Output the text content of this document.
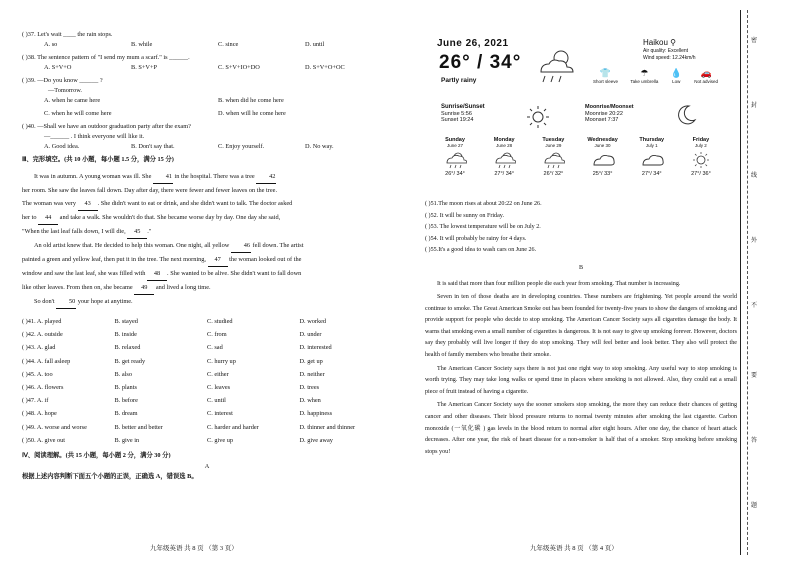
( )37. Let's wait ____ the rain stops.
A. so	B. while	C. since	D. until
( )38. The sentence pattern of "I send my mum a scarf." is ______.
A. S+V+O	B. S+V+P	C. S+V+IO+DO	D. S+V+O+OC
( )39. —Do you know ______ ?
—Tomorrow.
A. when he came here	B. when did he come here
C. when he will come here	D. when will he come here
( )40. —Shall we have an outdoor graduation party after the exam?
—______ . I think everyone will like it.
A. Good idea.	B. Don't say that.	C. Enjoy yourself.	D. No way.
Ⅲ、完形填空。(共 10 小题，每小题 1.5 分，满分 15 分)

It was in autumn. A young woman was ill. She 41 in the hospital. There was a tree 42

her room. She saw the leaves fall down. Day after day, there were fewer and fewer leaves on the tree.

The woman was very 43 . She didn't want to eat or drink, and she didn't want to talk. The doctor asked

her to 44 and take a walk. She wouldn't do that. She became worse day by day. One day she said,

"When the last leaf falls down, I will die, 45 ."

An old artist knew that. He decided to help this woman. One night, all yellow 46 fell down. The artist

painted a green and yellow leaf, then put it in the tree. The next morning, 47 the woman looked out of the

window and saw the last leaf, she was filled with 48 . She wanted to be alive. She didn't want to fall down

like other leaves. From then on, she became 49 and lived a long time.

So don't 50 your hope at anytime.

( )41. A. played	B. stayed	C. studied	D. worked
( )42. A. outside	B. inside	C. from	D. under
( )43. A. glad	B. relaxed	C. sad	D. interested
( )44. A. fall asleep	B. get ready	C. hurry up	D. get up
( )45. A. too	B. also	C. either	D. neither
( )46. A. flowers	B. plants	C. leaves	D. trees
( )47. A. if	B. before	C. until	D. when
( )48. A. hope	B. dream	C. interest	D. happiness
( )49. A. worse and worse	B. better and better	C. harder and harder	D. thinner and thinner
( )50. A. give out	B. give in	C. give up	D. give away
Ⅳ、阅读理解。(共 15 小题，每小题 2 分，满分 30 分)
A
根据上述内容判断下面五个小题的正误，正确选 A，错误选 B。
九年级英语 共 8 页 （第 3 页）
June 26, 2021	Haikou ⚲
26° / 34°
Partly rainy
Air quality: Excellent
Wind speed: 12.24km/h
👕
Short sleeve
☂
Take umbrella
💧
Low
🚗
Not advised
Sunrise/Sunset
Sunrise 5:56
Sunset 19:24
Moonrise/Moonset
Moonrise 20:22
Moonset 7:37
Sunday
June 27
26°/ 34°
Monday
June 28
27°/ 34°
Tuesday
June 29
26°/ 32°
Wednesday
June 30
25°/ 33°
Thursday
July 1
27°/ 34°
Friday
July 2
27°/ 36°
( )51.The moon rises at about 20:22 on June 26.
( )52. It will be sunny on Friday.
( )53. The lowest temperature will be on July 2.
( )54. It will probably be rainy for 4 days.
( )55.It's a good idea to wash cars on June 26.
B

It is said that more than four million people die each year from smoking. That number is increasing.

Seven in ten of those deaths are in developing countries. These numbers are frightening. Yet people around the world continue to smoke. The Great American Smoke out has been founded for twenty-five years to show the dangers of smoking and provide support for people who decide to stop smoking. The American Cancer Society says all cigarettes damage the body. It warns that smoking even a small number of cigarettes is dangerous. It is not easy to give up smoking forever. However, doctors say they probably will live longer if they do stop smoking. They will feel better and look better. They also will protect the health of family members who breathe their smoke.

The American Cancer Society says there is not just one right way to stop smoking. Any useful way to stop smoking is worth trying. They may take long walks or spend time in places where smoking is not allowed. Also, they could eat a small piece of fruit instead of having a cigarette.

The American Cancer Society says the sooner smokers stop smoking, the more they can reduce their chances of getting cancer and other diseases. Their blood pressure returns to normal twenty minutes after smoking the last cigarette. Carbon monoxide (一氧化碳 ) gas levels in the blood return to normal after eight hours. After one day, the chance of heart attack decreases. After one year, the risk of heart disease for a non-smoker is half that of a smoker. Stop smoking before smoking stops you!

九年级英语 共 8 页 （第 4 页）
密
封
线
外
不
要
答
题
